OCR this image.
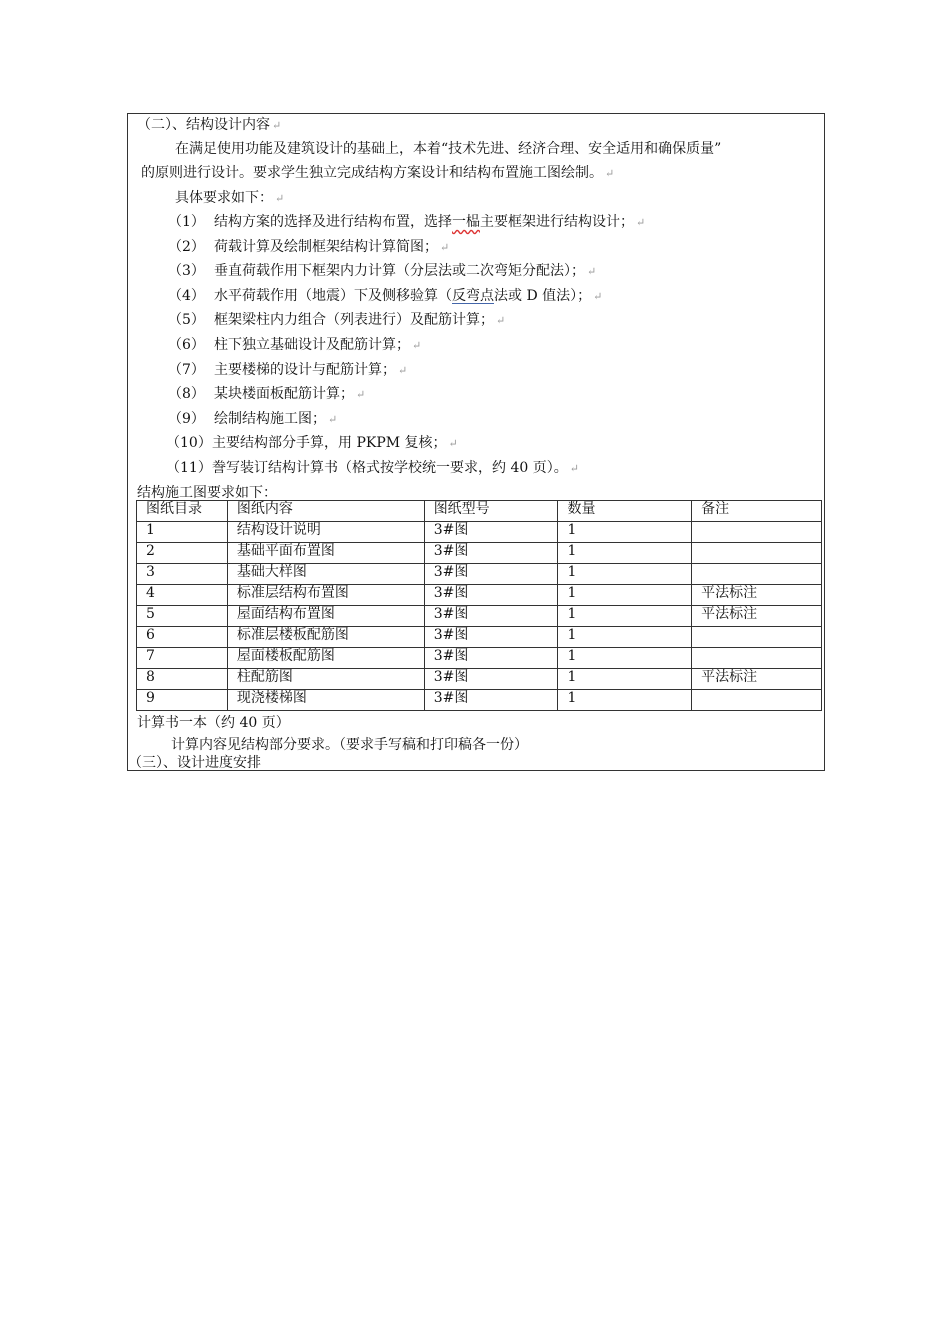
（二）、结构设计内容 ↵
在满足使用功能及建筑设计的基础上，本着“技术先进、经济合理、安全适用和确保质量”
的原则进行设计。要求学生独立完成结构方案设计和结构布置施工图绘制。 ↵
具体要求如下： ↵
（1） 结构方案的选择及进行结构布置，选择一榀主要框架进行结构设计； ↵
（2） 荷载计算及绘制框架结构计算简图； ↵
（3） 垂直荷载作用下框架内力计算（分层法或二次弯矩分配法）； ↵
（4） 水平荷载作用（地震）下及侧移验算（反弯点法或 D 值法）； ↵
（5） 框架梁柱内力组合（列表进行）及配筋计算； ↵
（6） 柱下独立基础设计及配筋计算； ↵
（7） 主要楼梯的设计与配筋计算； ↵
（8） 某块楼面板配筋计算； ↵
（9） 绘制结构施工图； ↵
（10）主要结构部分手算，用 PKPM 复核； ↵
（11）誊写装订结构计算书（格式按学校统一要求，约 40 页）。 ↵
结构施工图要求如下：
图纸目录	图纸内容	图纸型号	数量	备注
1	结构设计说明	3#图	1	
2	基础平面布置图	3#图	1	
3	基础大样图	3#图	1	
4	标准层结构布置图	3#图	1	平法标注
5	屋面结构布置图	3#图	1	平法标注
6	标准层楼板配筋图	3#图	1	
7	屋面楼板配筋图	3#图	1	
8	柱配筋图	3#图	1	平法标注
9	现浇楼梯图	3#图	1	
计算书一本（约 40 页）
计算内容见结构部分要求。（要求手写稿和打印稿各一份）
（三）、设计进度安排
